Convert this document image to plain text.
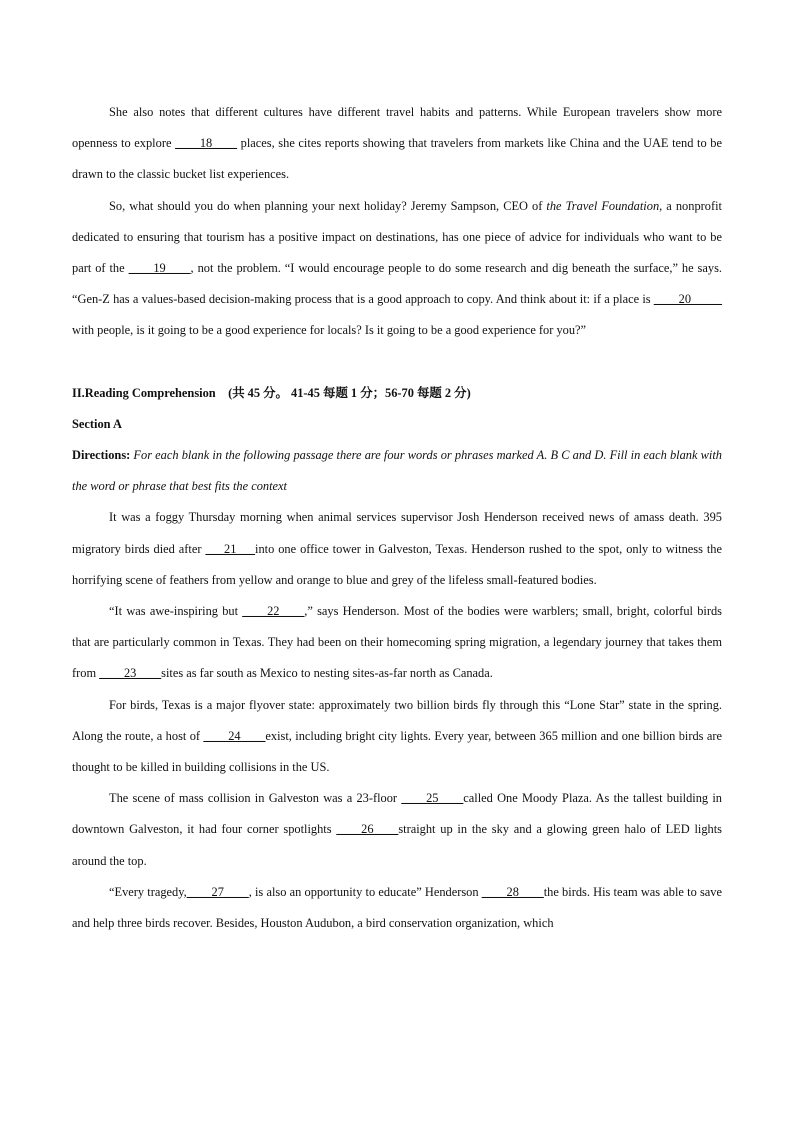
She also notes that different cultures have different travel habits and patterns. While European travelers show more openness to explore ____18____ places, she cites reports showing that travelers from markets like China and the UAE tend to be drawn to the classic bucket list experiences.

So, what should you do when planning your next holiday? Jeremy Sampson, CEO of the Travel Foundation, a nonprofit dedicated to ensuring that tourism has a positive impact on destinations, has one piece of advice for individuals who want to be part of the ____19____, not the problem. “I would encourage people to do some research and dig beneath the surface,” he says. “Gen-Z has a values-based decision-making process that is a good approach to copy. And think about it: if a place is ____20_____ with people, is it going to be a good experience for locals? Is it going to be a good experience for you?”

II.Reading Comprehension (共 45 分。 41-45 每题 1 分；56-70 每题 2 分)

Section A

Directions: For each blank in the following passage there are four words or phrases marked A. B C and D. Fill in each blank with the word or phrase that best fits the context

It was a foggy Thursday morning when animal services supervisor Josh Henderson received news of amass death. 395 migratory birds died after ___21___into one office tower in Galveston, Texas. Henderson rushed to the spot, only to witness the horrifying scene of feathers from yellow and orange to blue and grey of the lifeless small-featured bodies.

“It was awe-inspiring but ____22____,” says Henderson. Most of the bodies were warblers; small, bright, colorful birds that are particularly common in Texas. They had been on their homecoming spring migration, a legendary journey that takes them from ____23____sites as far south as Mexico to nesting sites-as-far north as Canada.

For birds, Texas is a major flyover state: approximately two billion birds fly through this “Lone Star” state in the spring. Along the route, a host of ____24____exist, including bright city lights. Every year, between 365 million and one billion birds are thought to be killed in building collisions in the US.

The scene of mass collision in Galveston was a 23-floor ____25____called One Moody Plaza. As the tallest building in downtown Galveston, it had four corner spotlights ____26____straight up in the sky and a glowing green halo of LED lights around the top.

“Every tragedy,____27____, is also an opportunity to educate” Henderson ____28____the birds. His team was able to save and help three birds recover. Besides, Houston Audubon, a bird conservation organization, which
